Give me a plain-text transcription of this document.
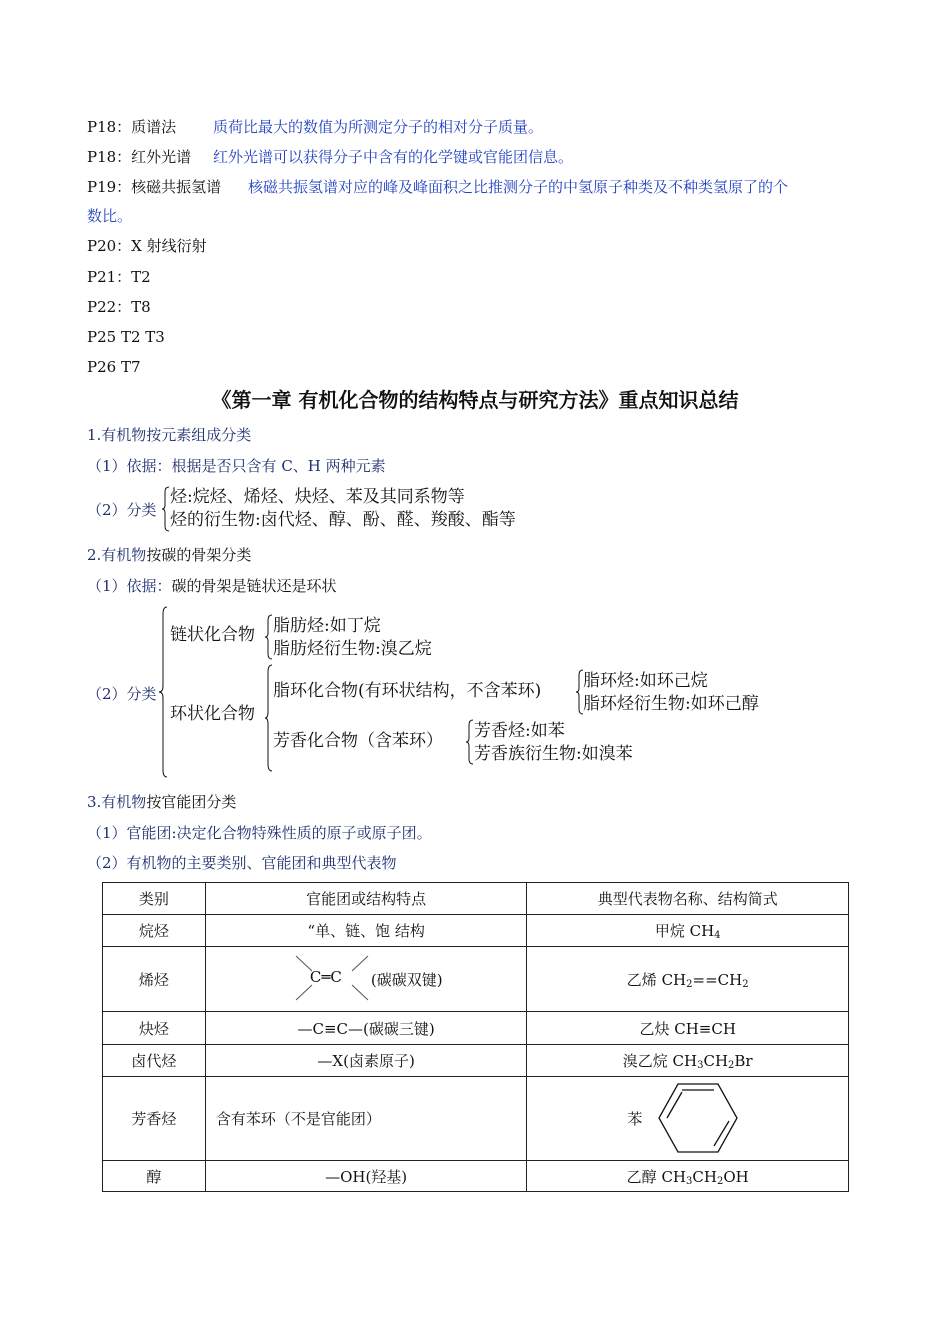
P18：质谱法 质荷比最大的数值为所测定分子的相对分子质量。
P18：红外光谱 红外光谱可以获得分子中含有的化学键或官能团信息。
P19：核磁共振氢谱 核磁共振氢谱对应的峰及峰面积之比推测分子的中氢原子种类及不种类氢原了的个
数比。
P20：X 射线衍射
P21：T2
P22：T8
P25 T2 T3
P26 T7
《第一章 有机化合物的结构特点与研究方法》重点知识总结
1.有机物按元素组成分类
（1）依据：根据是否只含有 C、H 两种元素
（2）分类
烃:烷烃、烯烃、炔烃、苯及其同系物等
烃的衍生物:卤代烃、醇、酚、醛、羧酸、酯等
2.有机物按碳的骨架分类
（1）依据：碳的骨架是链状还是环状
（2）分类
链状化合物 脂肪烃:如丁烷
脂肪烃衍生物:溴乙烷
环状化合物
脂环化合物(有环状结构，不含苯环) 脂环烃:如环己烷
脂环烃衍生物:如环己醇
芳香化合物（含苯环） 芳香烃:如苯
芳香族衍生物:如溴苯
3.有机物按官能团分类
（1）官能团:决定化合物特殊性质的原子或原子团。
（2）有机物的主要类别、官能团和典型代表物
类别	官能团或结构特点	典型代表物名称、结构简式
烷烃	“单、链、饱 结构	甲烷 $CH_4$
烯烃	C═C (碳碳双键)	乙烯 $CH_2==CH_2$
炔烃	—C≡C—(碳碳三键)	乙炔 CH≡CH
卤代烃	—X(卤素原子)	溴乙烷 $CH_3CH_2Br$
芳香烃	含有苯环（不是官能团）	苯

醇	—OH(羟基)	乙醇 $CH_3CH_2OH$
